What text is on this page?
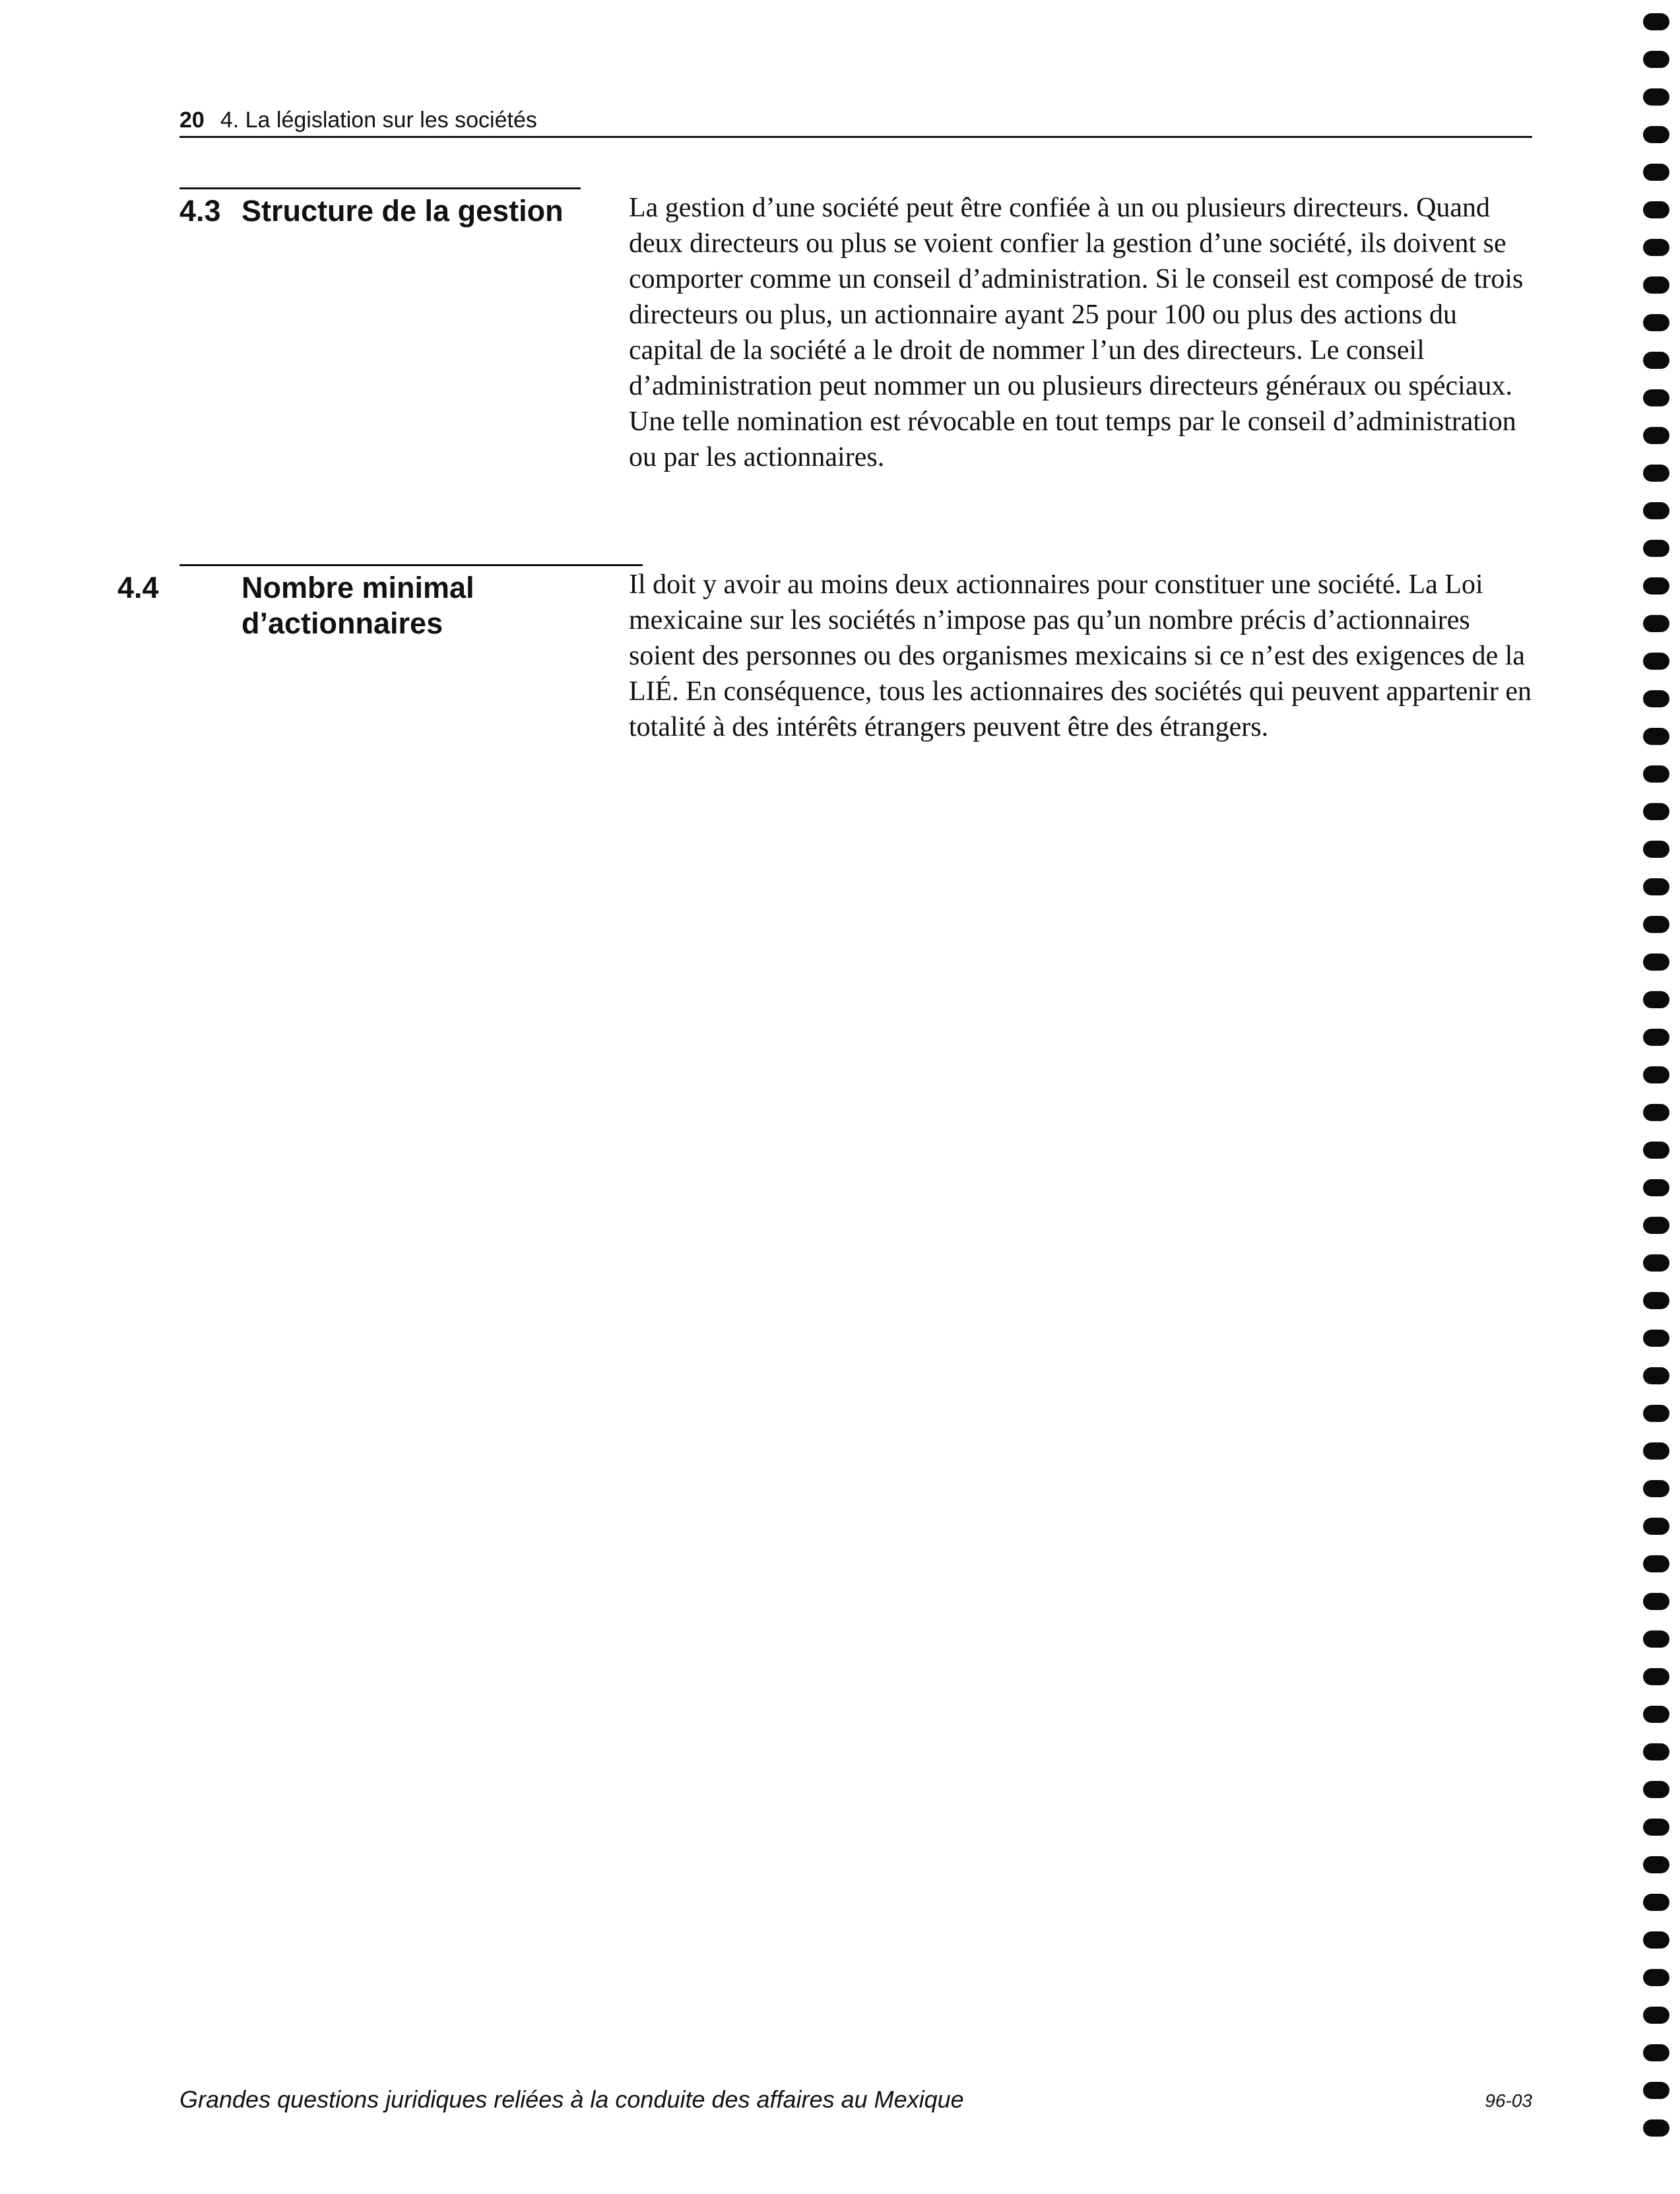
20 4. La législation sur les sociétés
4.3 Structure de la gestion	La gestion d’une société peut être confiée à un ou plusieurs directeurs. Quand deux directeurs ou plus se voient confier la gestion d’une société, ils doivent se comporter comme un conseil d’administration. Si le conseil est composé de trois directeurs ou plus, un actionnaire ayant 25 pour 100 ou plus des actions du capital de la société a le droit de nommer l’un des directeurs. Le conseil d’administration peut nommer un ou plusieurs directeurs généraux ou spéciaux. Une telle nomination est révocable en tout temps par le conseil d’administration ou par les actionnaires.
4.4	Nombre minimal d’actionnaires
Il doit y avoir au moins deux actionnaires pour constituer une société. La Loi mexicaine sur les sociétés n’impose pas qu’un nombre précis d’actionnaires soient des personnes ou des organismes mexicains si ce n’est des exigences de la LIÉ. En conséquence, tous les actionnaires des sociétés qui peuvent appartenir en totalité à des intérêts étrangers peuvent être des étrangers.
Grandes questions juridiques reliées à la conduite des affaires au Mexique	96-03
